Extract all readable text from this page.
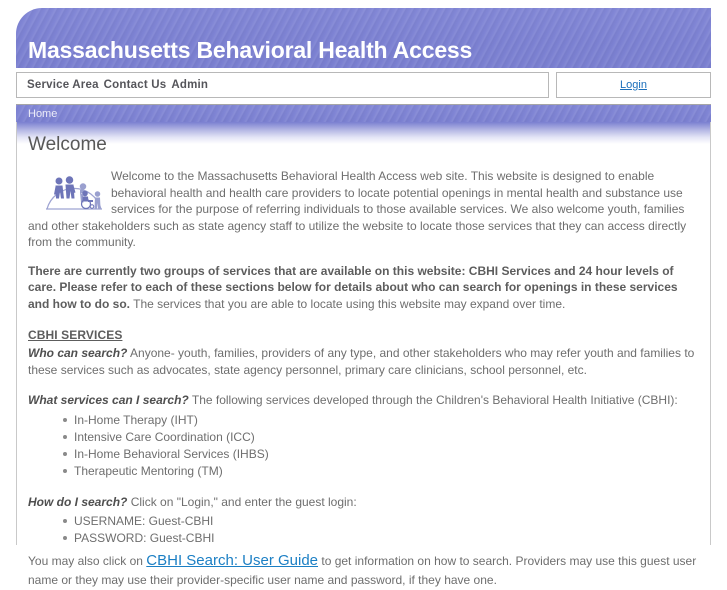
Massachusetts Behavioral Health Access
Service Area Contact Us Admin	Login
Home
Welcome
Welcome to the Massachusetts Behavioral Health Access web site. This website is designed to enable behavioral health and health care providers to locate potential openings in mental health and substance use services for the purpose of referring individuals to those available services. We also welcome youth, families and other stakeholders such as state agency staff to utilize the website to locate those services that they can access directly from the community.

There are currently two groups of services that are available on this website: CBHI Services and 24 hour levels of care. Please refer to each of these sections below for details about who can search for openings in these services and how to do so. The services that you are able to locate using this website may expand over time.

CBHI SERVICES

Who can search? Anyone- youth, families, providers of any type, and other stakeholders who may refer youth and families to these services such as advocates, state agency personnel, primary care clinicians, school personnel, etc.

What services can I search? The following services developed through the Children's Behavioral Health Initiative (CBHI):

In-Home Therapy (IHT)
Intensive Care Coordination (ICC)
In-Home Behavioral Services (IHBS)
Therapeutic Mentoring (TM)

How do I search? Click on "Login," and enter the guest login:

USERNAME: Guest-CBHI
PASSWORD: Guest-CBHI

You may also click on CBHI Search: User Guide to get information on how to search. Providers may use this guest user name or they may use their provider-specific user name and password, if they have one.
